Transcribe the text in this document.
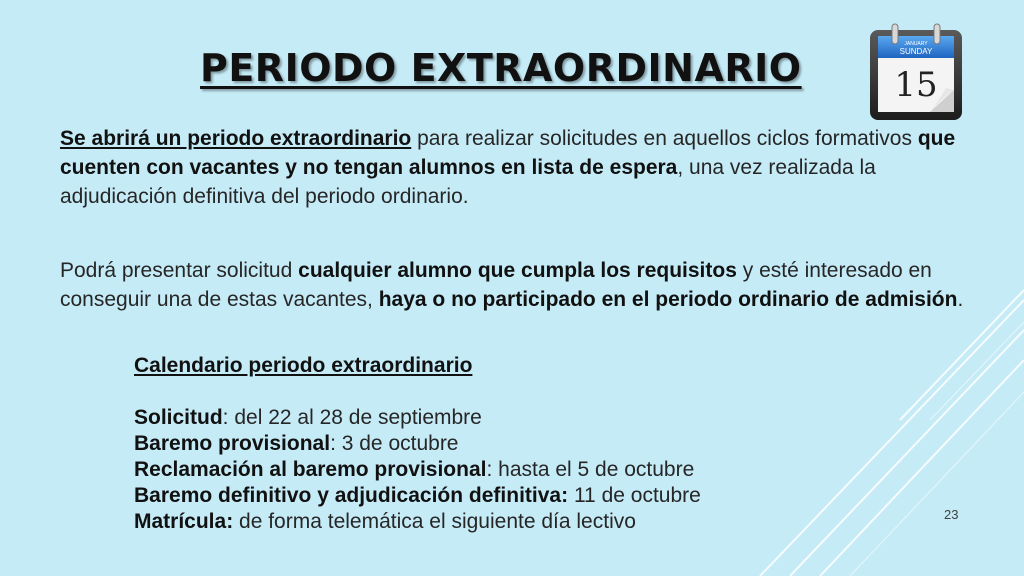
PERIODO EXTRAORDINARIO
JANUARY
SUNDAY
15

Se abrirá un periodo extraordinario para realizar solicitudes en aquellos ciclos formativos que cuenten con vacantes y no tengan alumnos en lista de espera, una vez realizada la adjudicación definitiva del periodo ordinario.

Podrá presentar solicitud cualquier alumno que cumpla los requisitos y esté interesado en conseguir una de estas vacantes, haya o no participado en el periodo ordinario de admisión.

Calendario periodo extraordinario
Solicitud: del 22 al 28 de septiembre
Baremo provisional: 3 de octubre
Reclamación al baremo provisional: hasta el 5 de octubre
Baremo definitivo y adjudicación definitiva: 11 de octubre
Matrícula: de forma telemática el siguiente día lectivo	23
